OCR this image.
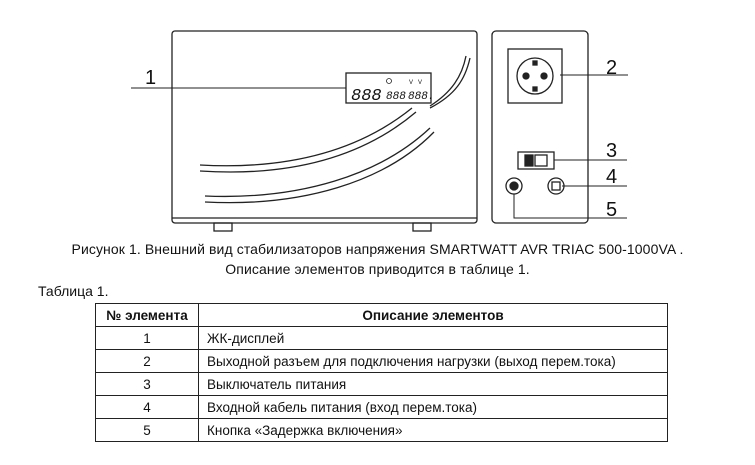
888 888 888.
V V
1	2
3
4
5
Рисунок 1. Внешний вид стабилизаторов напряжения SMARTWATT AVR TRIAC 500-1000VA .
Описание элементов приводится в таблице 1.
Таблица 1.
№ элемента	Описание элементов
1	ЖК-дисплей
2	Выходной разъем для подключения нагрузки (выход перем.тока)
3	Выключатель питания
4	Входной кабель питания (вход перем.тока)
5	Кнопка «Задержка включения»
